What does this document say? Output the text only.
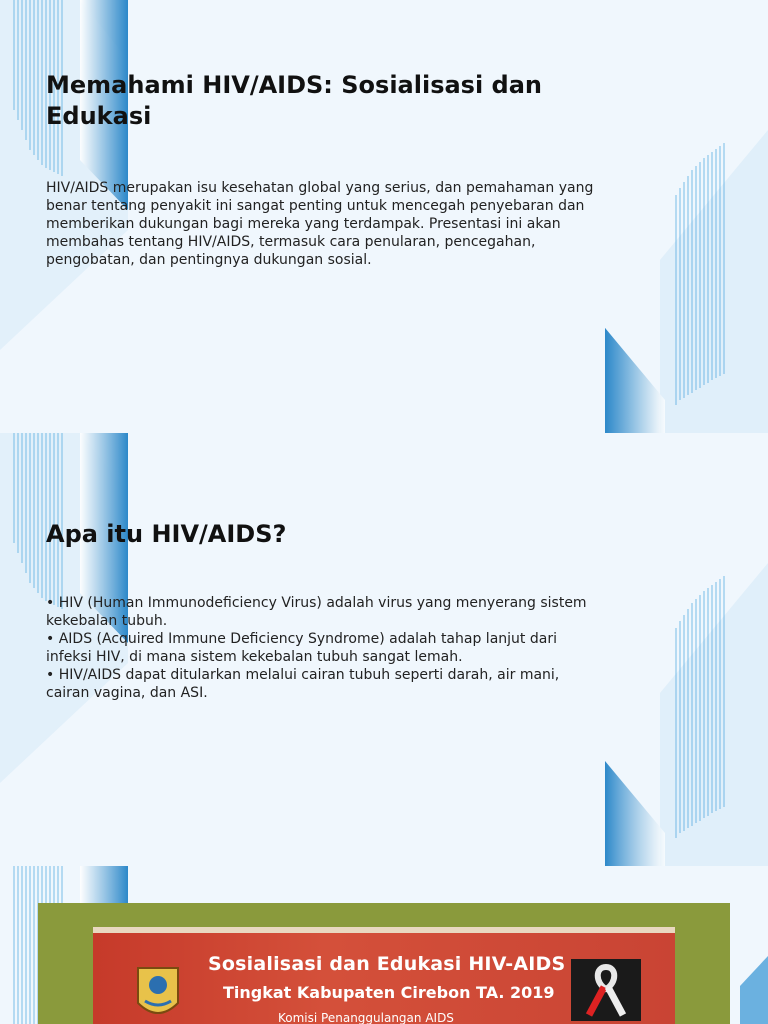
Memahami HIV/AIDS: Sosialisasi dan Edukasi

HIV/AIDS merupakan isu kesehatan global yang serius, dan pemahaman yang benar tentang penyakit ini sangat penting untuk mencegah penyebaran dan memberikan dukungan bagi mereka yang terdampak. Presentasi ini akan membahas tentang HIV/AIDS, termasuk cara penularan, pencegahan, pengobatan, dan pentingnya dukungan sosial.

Apa itu HIV/AIDS?
• HIV (Human Immunodeficiency Virus) adalah virus yang menyerang sistem kekebalan tubuh.
• AIDS (Acquired Immune Deficiency Syndrome) adalah tahap lanjut dari infeksi HIV, di mana sistem kekebalan tubuh sangat lemah.
• HIV/AIDS dapat ditularkan melalui cairan tubuh seperti darah, air mani, cairan vagina, dan ASI.
Sosialisasi dan Edukasi HIV-AIDS
Tingkat Kabupaten Cirebon TA. 2019
Komisi Penanggulangan AIDS
